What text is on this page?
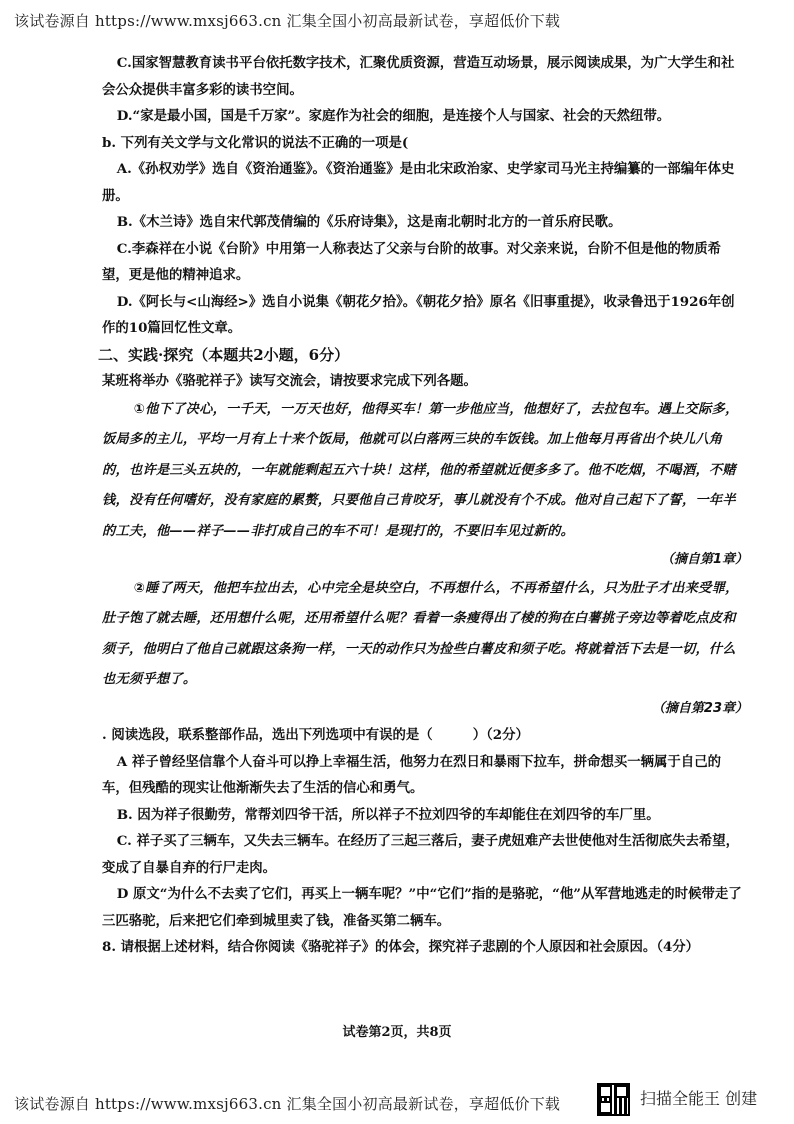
该试卷源自 https://www.mxsj663.cn 汇集全国小初高最新试卷，享超低价下载

C.国家智慧教育读书平台依托数字技术，汇聚优质资源，营造互动场景，展示阅读成果，为广大学生和社会公众提供丰富多彩的读书空间。

D.“家是最小国，国是千万家”。家庭作为社会的细胞，是连接个人与国家、社会的天然纽带。

b. 下列有关文学与文化常识的说法不正确的一项是(

A.《孙权劝学》选自《资治通鉴》。《资治通鉴》是由北宋政治家、史学家司马光主持编纂的一部编年体史册。

B.《木兰诗》选自宋代郭茂倩编的《乐府诗集》，这是南北朝时北方的一首乐府民歌。

C.李森祥在小说《台阶》中用第一人称表达了父亲与台阶的故事。对父亲来说，台阶不但是他的物质希望，更是他的精神追求。

D.《阿长与<山海经>》选自小说集《朝花夕拾》。《朝花夕拾》原名《旧事重提》，收录鲁迅于1926年创作的10篇回忆性文章。

二、实践·探究（本题共2小题，6分）

某班将举办《骆驼祥子》读写交流会，请按要求完成下列各题。

①他下了决心，一千天，一万天也好，他得买车！第一步他应当，他想好了，去拉包车。遇上交际多，饭局多的主儿，平均一月有上十来个饭局，他就可以白落两三块的车饭钱。加上他每月再省出个块儿八角的，也许是三头五块的，一年就能剩起五六十块！这样，他的希望就近便多多了。他不吃烟，不喝酒，不赌钱，没有任何嗜好，没有家庭的累赘，只要他自己肯咬牙，事儿就没有个不成。他对自己起下了誓，一年半的工夫，他——祥子——非打成自己的车不可！是现打的，不要旧车见过新的。

（摘自第1章）

②睡了两天，他把车拉出去，心中完全是块空白，不再想什么，不再希望什么，只为肚子才出来受罪，肚子饱了就去睡，还用想什么呢，还用希望什么呢？看着一条瘦得出了棱的狗在白薯挑子旁边等着吃点皮和须子，他明白了他自己就跟这条狗一样，一天的动作只为捡些白薯皮和须子吃。将就着活下去是一切，什么也无须乎想了。

（摘自第23章）

. 阅读选段，联系整部作品，选出下列选项中有误的是（	）（2分）

A 祥子曾经坚信靠个人奋斗可以挣上幸福生活，他努力在烈日和暴雨下拉车，拼命想买一辆属于自己的车，但残酷的现实让他渐渐失去了生活的信心和勇气。

B. 因为祥子很勤劳，常帮刘四爷干活，所以祥子不拉刘四爷的车却能住在刘四爷的车厂里。

C. 祥子买了三辆车，又失去三辆车。在经历了三起三落后，妻子虎妞难产去世使他对生活彻底失去希望，变成了自暴自弃的行尸走肉。

D 原文“为什么不去卖了它们，再买上一辆车呢？”中“它们”指的是骆驼，“他”从军营地逃走的时候带走了三匹骆驼，后来把它们牵到城里卖了钱，准备买第二辆车。

8. 请根据上述材料，结合你阅读《骆驼祥子》的体会，探究祥子悲剧的个人原因和社会原因。（4分）

试卷第2页，共8页
该试卷源自 https://www.mxsj663.cn 汇集全国小初高最新试卷，享超低价下载	扫描全能王 创建
